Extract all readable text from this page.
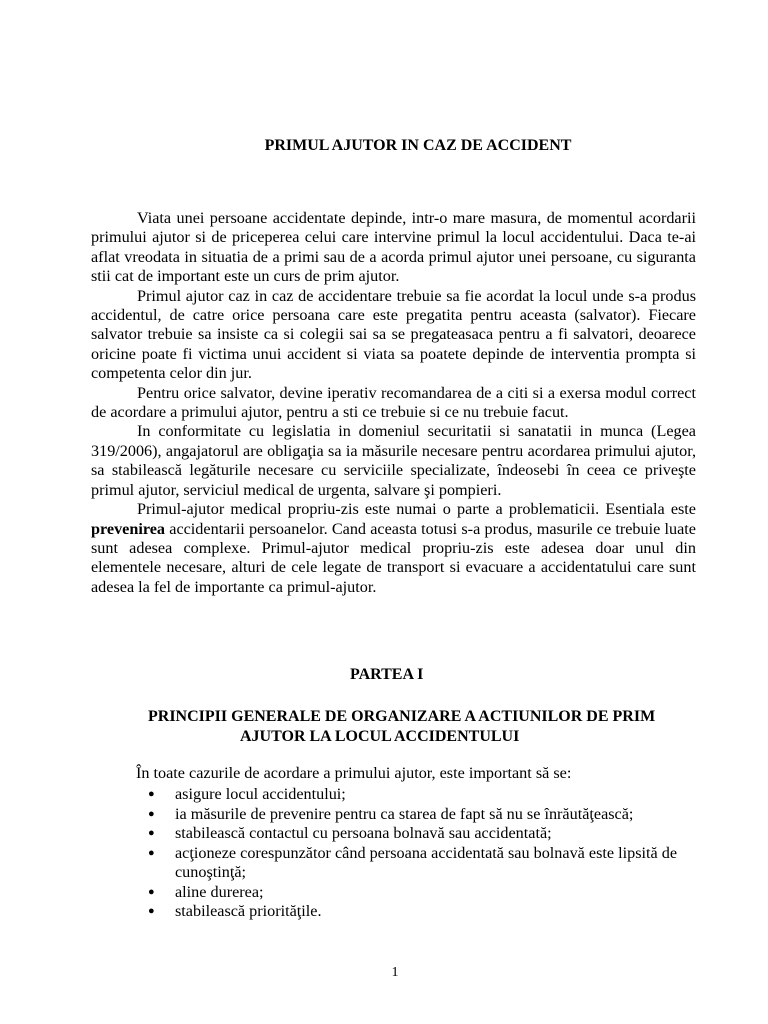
PRIMUL AJUTOR IN CAZ DE ACCIDENT

Viata unei persoane accidentate depinde, intr-o mare masura, de momentul acordarii primului ajutor si de priceperea celui care intervine primul la locul accidentului. Daca te-ai aflat vreodata in situatia de a primi sau de a acorda primul ajutor unei persoane, cu siguranta stii cat de important este un curs de prim ajutor.

Primul ajutor caz in caz de accidentare trebuie sa fie acordat la locul unde s-a produs accidentul, de catre orice persoana care este pregatita pentru aceasta (salvator). Fiecare salvator trebuie sa insiste ca si colegii sai sa se pregateasaca pentru a fi salvatori, deoarece oricine poate fi victima unui accident si viata sa poatete depinde de interventia prompta si competenta celor din jur.

Pentru orice salvator, devine iperativ recomandarea de a citi si a exersa modul correct de acordare a primului ajutor, pentru a sti ce trebuie si ce nu trebuie facut.

In conformitate cu legislatia in domeniul securitatii si sanatatii in munca (Legea 319/2006), angajatorul are obligaţia sa ia măsurile necesare pentru acordarea primului ajutor, sa stabilească legăturile necesare cu serviciile specializate, îndeosebi în ceea ce priveşte primul ajutor, serviciul medical de urgenta, salvare şi pompieri.

Primul-ajutor medical propriu-zis este numai o parte a problematicii. Esentiala este prevenirea accidentarii persoanelor. Cand aceasta totusi s-a produs, masurile ce trebuie luate sunt adesea complexe. Primul-ajutor medical propriu-zis este adesea doar unul din elementele necesare, alturi de cele legate de transport si evacuare a accidentatului care sunt adesea la fel de importante ca primul-ajutor.

PARTEA I
PRINCIPII GENERALE DE ORGANIZARE A ACTIUNILOR DE PRIM
AJUTOR LA LOCUL ACCIDENTULUI

În toate cazurile de acordare a primului ajutor, este important să se:

● asigure locul accidentului;
● ia măsurile de prevenire pentru ca starea de fapt să nu se înrăutăţească;
● stabilească contactul cu persoana bolnavă sau accidentată;
● acţioneze corespunzător când persoana accidentată sau bolnavă este lipsită de cunoştinţă;
● aline durerea;
● stabilească priorităţile.

1
